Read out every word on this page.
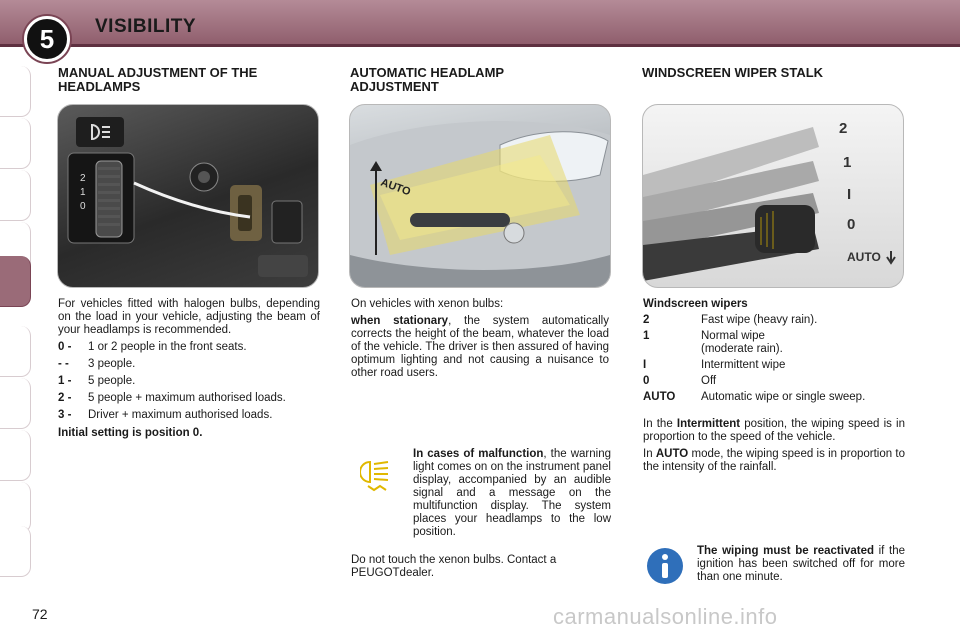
5	VISIBILITY
MANUAL ADJUSTMENT OF THE HEADLAMPS
2
1
0

For vehicles fitted with halogen bulbs, depending on the load in your vehicle, adjusting the beam of your headlamps is recommended.

0 -	1 or 2 people in the front seats.
- -	3 people.
1 -	5 people.
2 -	5 people + maximum authorised loads.
3 -	Driver + maximum authorised loads.

Initial setting is position 0.

AUTOMATIC HEADLAMP ADJUSTMENT
AUTO

On vehicles with xenon bulbs:

when stationary, the system automatically corrects the height of the beam, whatever the load of the vehicle. The driver is then assured of having optimum lighting and not causing a nuisance to other road users.

In cases of malfunction, the warning light comes on on the instrument panel display, accompanied by an audible signal and a message on the multifunction display. The system places your headlamps to the low position.

Do not touch the xenon bulbs. Contact a PEUGOTdealer.

WINDSCREEN WIPER STALK
2
1
I
0
AUTO

Windscreen wipers

2	Fast wipe (heavy rain).
1	Normal wipe (moderate rain).
I	Intermittent wipe
0	Off
AUTO	Automatic wipe or single sweep.

In the Intermittent position, the wiping speed is in proportion to the speed of the vehicle.

In AUTO mode, the wiping speed is in proportion to the intensity of the rainfall.

The wiping must be reactivated if the ignition has been switched off for more than one minute.

72	carmanualsonline.info
